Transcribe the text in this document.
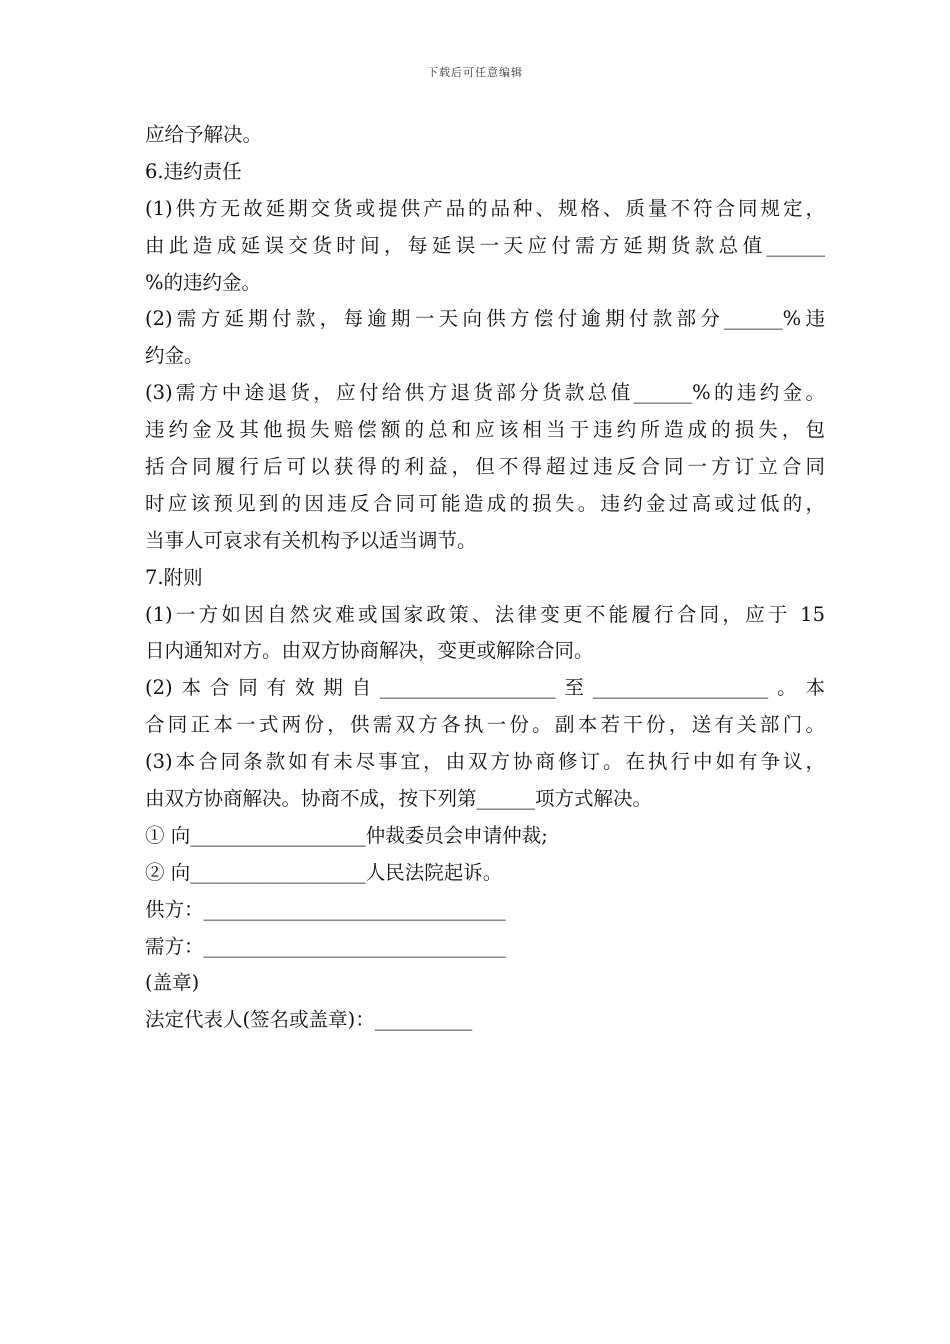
下载后可任意编辑
应给予解决。
6.违约责任
(1)供方无故延期交货或提供产品的品种、规格、质量不符合同规定，
由此造成延误交货时间，每延误一天应付需方延期货款总值______
%的违约金。
(2)需方延期付款，每逾期一天向供方偿付逾期付款部分______%违
约金。
(3)需方中途退货，应付给供方退货部分货款总值______%的违约金。
违约金及其他损失赔偿额的总和应该相当于违约所造成的损失，包
括合同履行后可以获得的利益，但不得超过违反合同一方订立合同
时应该预见到的因违反合同可能造成的损失。违约金过高或过低的，
当事人可哀求有关机构予以适当调节。
7.附则
(1)一方如因自然灾难或国家政策、法律变更不能履行合同，应于 15
日内通知对方。由双方协商解决，变更或解除合同。
(2)本合同有效期自__________________至__________________。本
合同正本一式两份，供需双方各执一份。副本若干份，送有关部门。
(3)本合同条款如有未尽事宜，由双方协商修订。在执行中如有争议，
由双方协商解决。协商不成，按下列第______项方式解决。
① 向__________________仲裁委员会申请仲裁;
② 向__________________人民法院起诉。
供方：_______________________________
需方：_______________________________
(盖章)
法定代表人(签名或盖章)：__________
